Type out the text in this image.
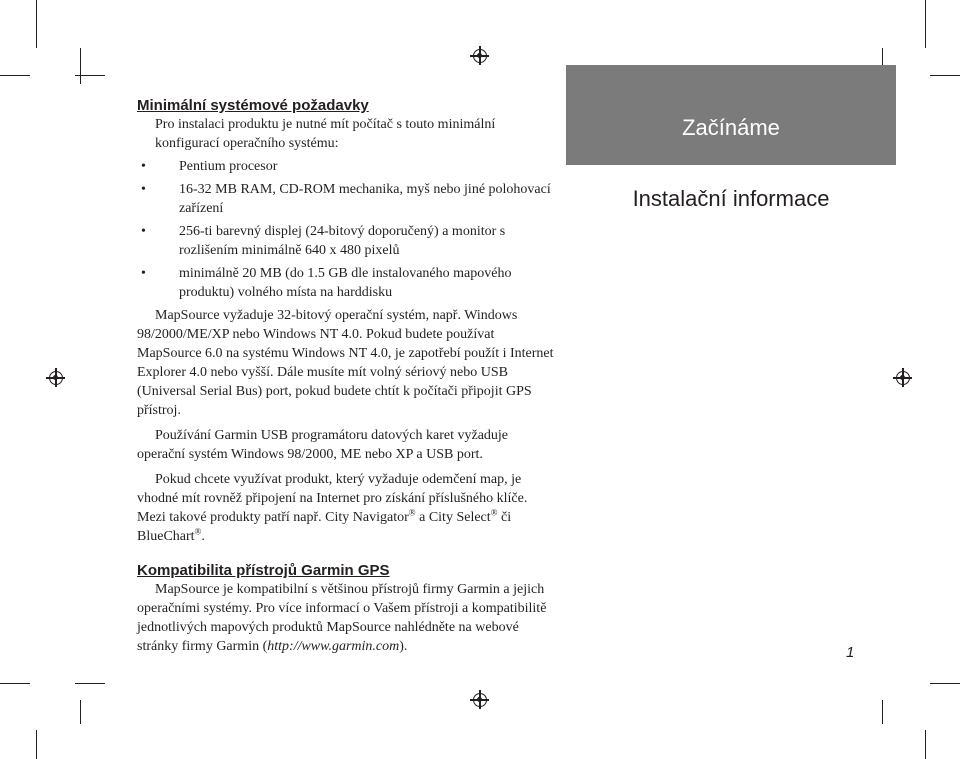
Začínáme
Instalační informace
Minimální systémové požadavky

Pro instalaci produktu je nutné mít počítač s touto minimální konfigurací operačního systému:

• Pentium procesor
• 16-32 MB RAM, CD-ROM mechanika, myš nebo jiné polohovací zařízení
• 256-ti barevný displej (24-bitový doporučený) a monitor s rozlišením minimálně 640 x 480 pixelů
• minimálně 20 MB (do 1.5 GB dle instalovaného mapového produktu) volného místa na harddisku

MapSource vyžaduje 32-bitový operační systém, např. Windows 98/2000/ME/XP nebo Windows NT 4.0. Pokud budete používat MapSource 6.0 na systému Windows NT 4.0, je zapotřebí použít i Internet Explorer 4.0 nebo vyšší. Dále musíte mít volný sériový nebo USB (Universal Serial Bus) port, pokud budete chtít k počítači připojit GPS přístroj.

Používání Garmin USB programátoru datových karet vyžaduje operační systém Windows 98/2000, ME nebo XP a USB port.

Pokud chcete využívat produkt, který vyžaduje odemčení map, je vhodné mít rovněž připojení na Internet pro získání příslušného klíče. Mezi takové produkty patří např. City Navigator® a City Select® či BlueChart®.

Kompatibilita přístrojů Garmin GPS

MapSource je kompatibilní s většinou přístrojů firmy Garmin a jejich operačními systémy. Pro více informací o Vašem přístroji a kompatibilitě jednotlivých mapových produktů MapSource nahlédněte na webové stránky firmy Garmin (http://www.garmin.com).	1
